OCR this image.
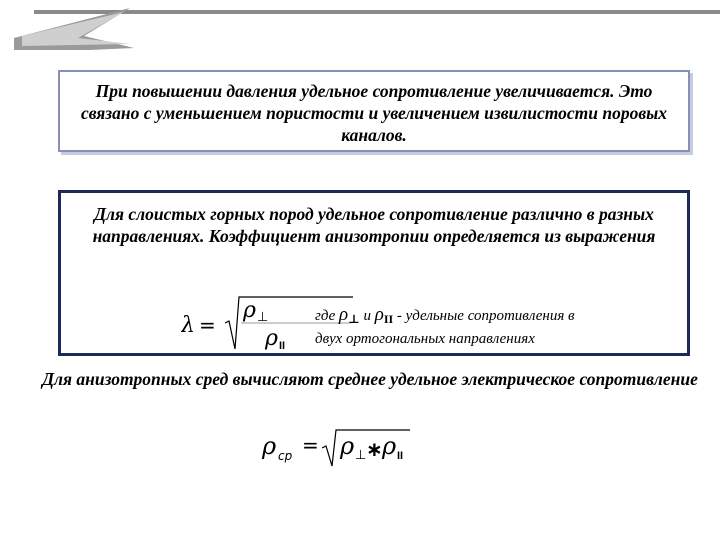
При повышении давления удельное сопротивление увеличивается. Это связано с уменьшением пористости и увеличением извилистости поровых каналов.
Для слоистых горных пород удельное сопротивление различно в разных направлениях. Коэффициент анизотропии определяется из выражения
λ =
ρ ⊥
ρ II
где $\rho_\perp$ и $\rho_{II}$ - удельные сопротивления в
двух ортогональных направлениях
Для анизотропных сред вычисляют среднее удельное электрическое сопротивление
ρ ср = ρ ⊥ ∗ ρ II
